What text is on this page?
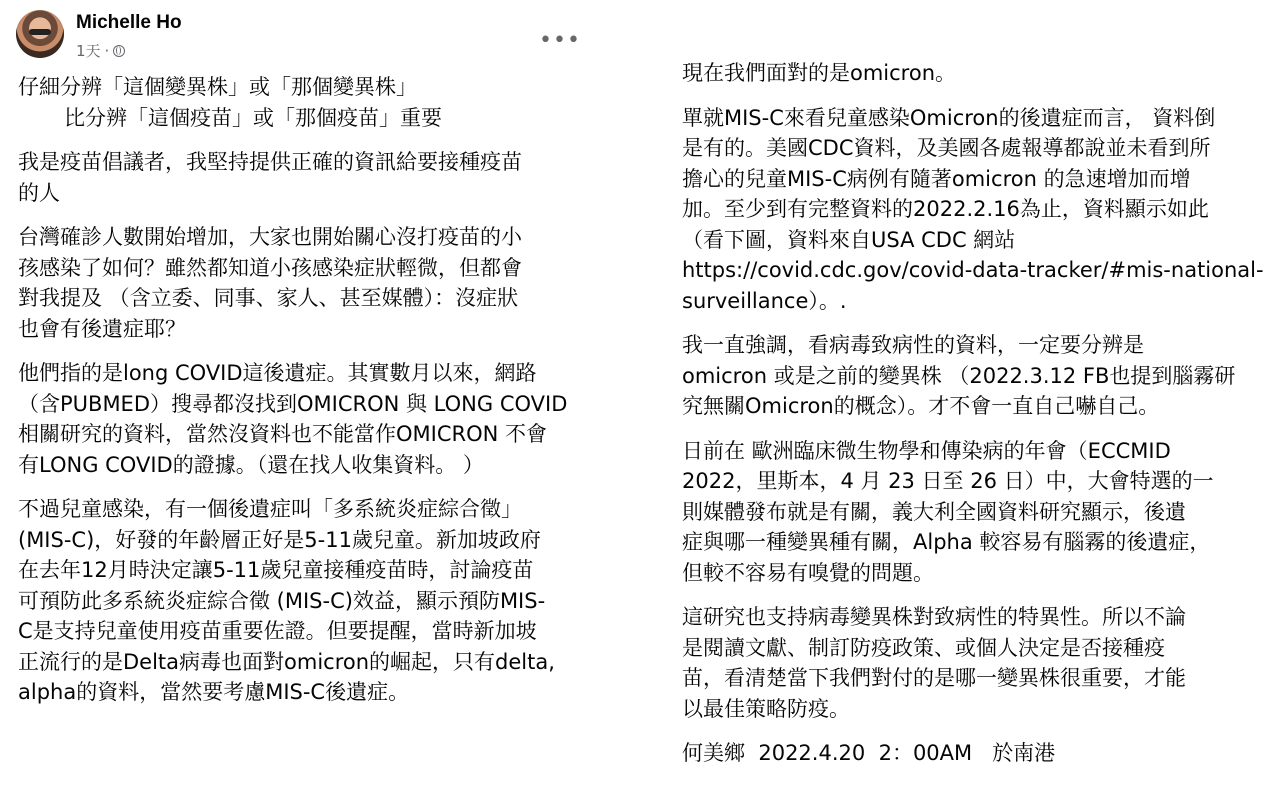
Michelle Ho
1天 ·	•••
仔細分辨「這個變異株」或「那個變異株」
比分辨「這個疫苗」或「那個疫苗」重要
我是疫苗倡議者，我堅持提供正確的資訊給要接種疫苗
的人
台灣確診人數開始增加，大家也開始關心沒打疫苗的小
孩感染了如何？雖然都知道小孩感染症狀輕微，但都會
對我提及 （含立委、同事、家人、甚至媒體）：沒症狀
也會有後遺症耶？
他們指的是long COVID這後遺症。其實數月以來，網路
（含PUBMED）搜尋都沒找到OMICRON 與 LONG COVID
相關研究的資料，當然沒資料也不能當作OMICRON 不會
有LONG COVID的證據。（還在找人收集資料。 ）
不過兒童感染，有一個後遺症叫「多系統炎症綜合徵」
(MIS-C)，好發的年齡層正好是5-11歲兒童。新加坡政府
在去年12月時決定讓5-11歲兒童接種疫苗時，討論疫苗
可預防此多系統炎症綜合徵 (MIS-C)效益，顯示預防MIS-
C是支持兒童使用疫苗重要佐證。但要提醒，當時新加坡
正流行的是Delta病毒也面對omicron的崛起，只有delta,
alpha的資料，當然要考慮MIS-C後遺症。
現在我們面對的是omicron。
單就MIS-C來看兒童感染Omicron的後遺症而言， 資料倒
是有的。美國CDC資料，及美國各處報導都說並未看到所
擔心的兒童MIS-C病例有隨著omicron 的急速增加而增
加。至少到有完整資料的2022.2.16為止，資料顯示如此
（看下圖，資料來自USA CDC 網站
https://covid.cdc.gov/covid-data-tracker/#mis-national-
surveillance）。.
我一直強調，看病毒致病性的資料，一定要分辨是
omicron 或是之前的變異株 （2022.3.12 FB也提到腦霧研
究無關Omicron的概念）。才不會一直自己嚇自己。
日前在 歐洲臨床微生物學和傳染病的年會（ECCMID
2022，里斯本，4 月 23 日至 26 日）中，大會特選的一
則媒體發布就是有關，義大利全國資料研究顯示，後遺
症與哪一種變異種有關，Alpha 較容易有腦霧的後遺症，
但較不容易有嗅覺的問題。
這研究也支持病毒變異株對致病性的特異性。所以不論
是閱讀文獻、制訂防疫政策、或個人決定是否接種疫
苗，看清楚當下我們對付的是哪一變異株很重要，才能
以最佳策略防疫。
何美鄉  2022.4.20  2：00AM   於南港
